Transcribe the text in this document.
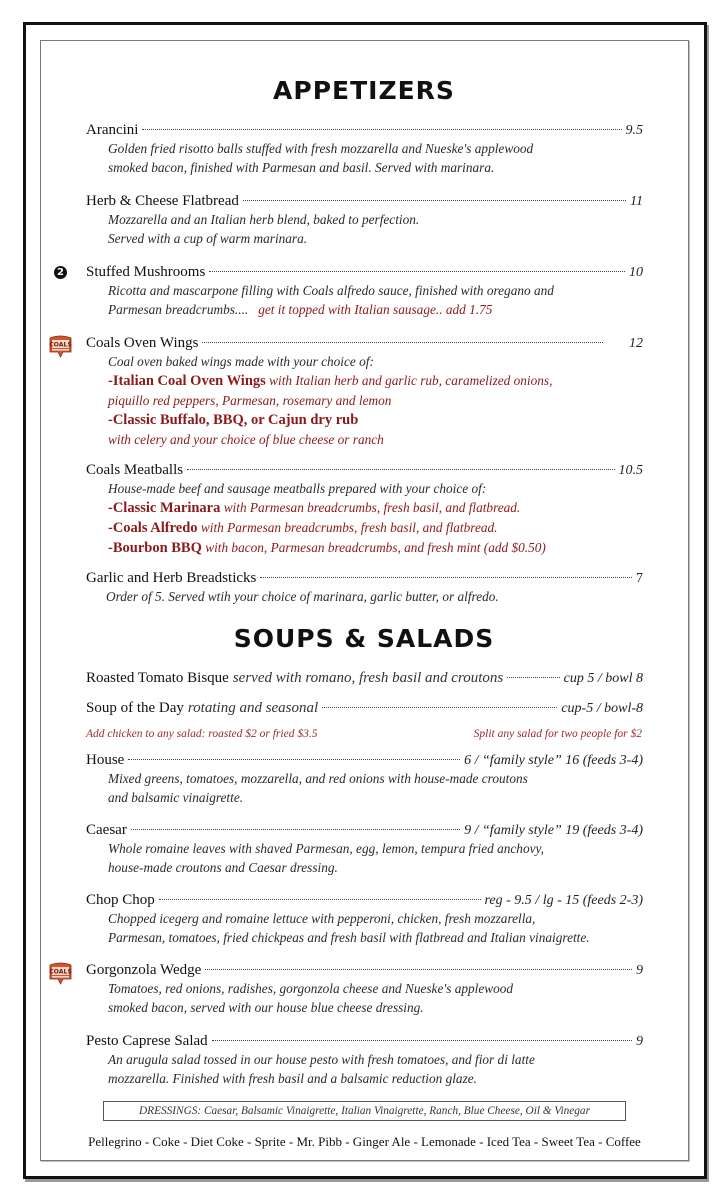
APPETIZERS
Arancini	9.5
Golden fried risotto balls stuffed with fresh mozzarella and Nueske's applewood
smoked bacon, finished with Parmesan and basil. Served with marinara.
Herb & Cheese Flatbread	11
Mozzarella and an Italian herb blend, baked to perfection.
Served with a cup of warm marinara.
2 Stuffed Mushrooms	10
Ricotta and mascarpone filling with Coals alfredo sauce, finished with oregano and
Parmesan breadcrumbs.... get it topped with Italian sausage.. add 1.75
COALS Coals Oven Wings	12
Coal oven baked wings made with your choice of:
-Italian Coal Oven Wings with Italian herb and garlic rub, caramelized onions,
piquillo red peppers, Parmesan, rosemary and lemon
-Classic Buffalo, BBQ, or Cajun dry rub
with celery and your choice of blue cheese or ranch
Coals Meatballs	10.5
House-made beef and sausage meatballs prepared with your choice of:
-Classic Marinara with Parmesan breadcrumbs, fresh basil, and flatbread.
-Coals Alfredo with Parmesan breadcrumbs, fresh basil, and flatbread.
-Bourbon BBQ with bacon, Parmesan breadcrumbs, and fresh mint (add $0.50)
Garlic and Herb Breadsticks	7
Order of 5. Served wtih your choice of marinara, garlic butter, or alfredo.
SOUPS & SALADS
Roasted Tomato Bisque served with romano, fresh basil and croutons	cup 5 / bowl 8
Soup of the Day rotating and seasonal	cup-5 / bowl-8
Add chicken to any salad: roasted $2 or fried $3.5	Split any salad for two people for $2
House	6 / “family style” 16 (feeds 3-4)
Mixed greens, tomatoes, mozzarella, and red onions with house-made croutons
and balsamic vinaigrette.
Caesar	9 / “family style” 19 (feeds 3-4)
Whole romaine leaves with shaved Parmesan, egg, lemon, tempura fried anchovy,
house-made croutons and Caesar dressing.
Chop Chop	reg - 9.5 / lg - 15 (feeds 2-3)
Chopped icegerg and romaine lettuce with pepperoni, chicken, fresh mozzarella,
Parmesan, tomatoes, fried chickpeas and fresh basil with flatbread and Italian vinaigrette.
COALS Gorgonzola Wedge	9
Tomatoes, red onions, radishes, gorgonzola cheese and Nueske's applewood
smoked bacon, served with our house blue cheese dressing.
Pesto Caprese Salad	9
An arugula salad tossed in our house pesto with fresh tomatoes, and fior di latte
mozzarella. Finished with fresh basil and a balsamic reduction glaze.
DRESSINGS: Caesar, Balsamic Vinaigrette, Italian Vinaigrette, Ranch, Blue Cheese, Oil & Vinegar
Pellegrino - Coke - Diet Coke - Sprite - Mr. Pibb - Ginger Ale - Lemonade - Iced Tea - Sweet Tea - Coffee
